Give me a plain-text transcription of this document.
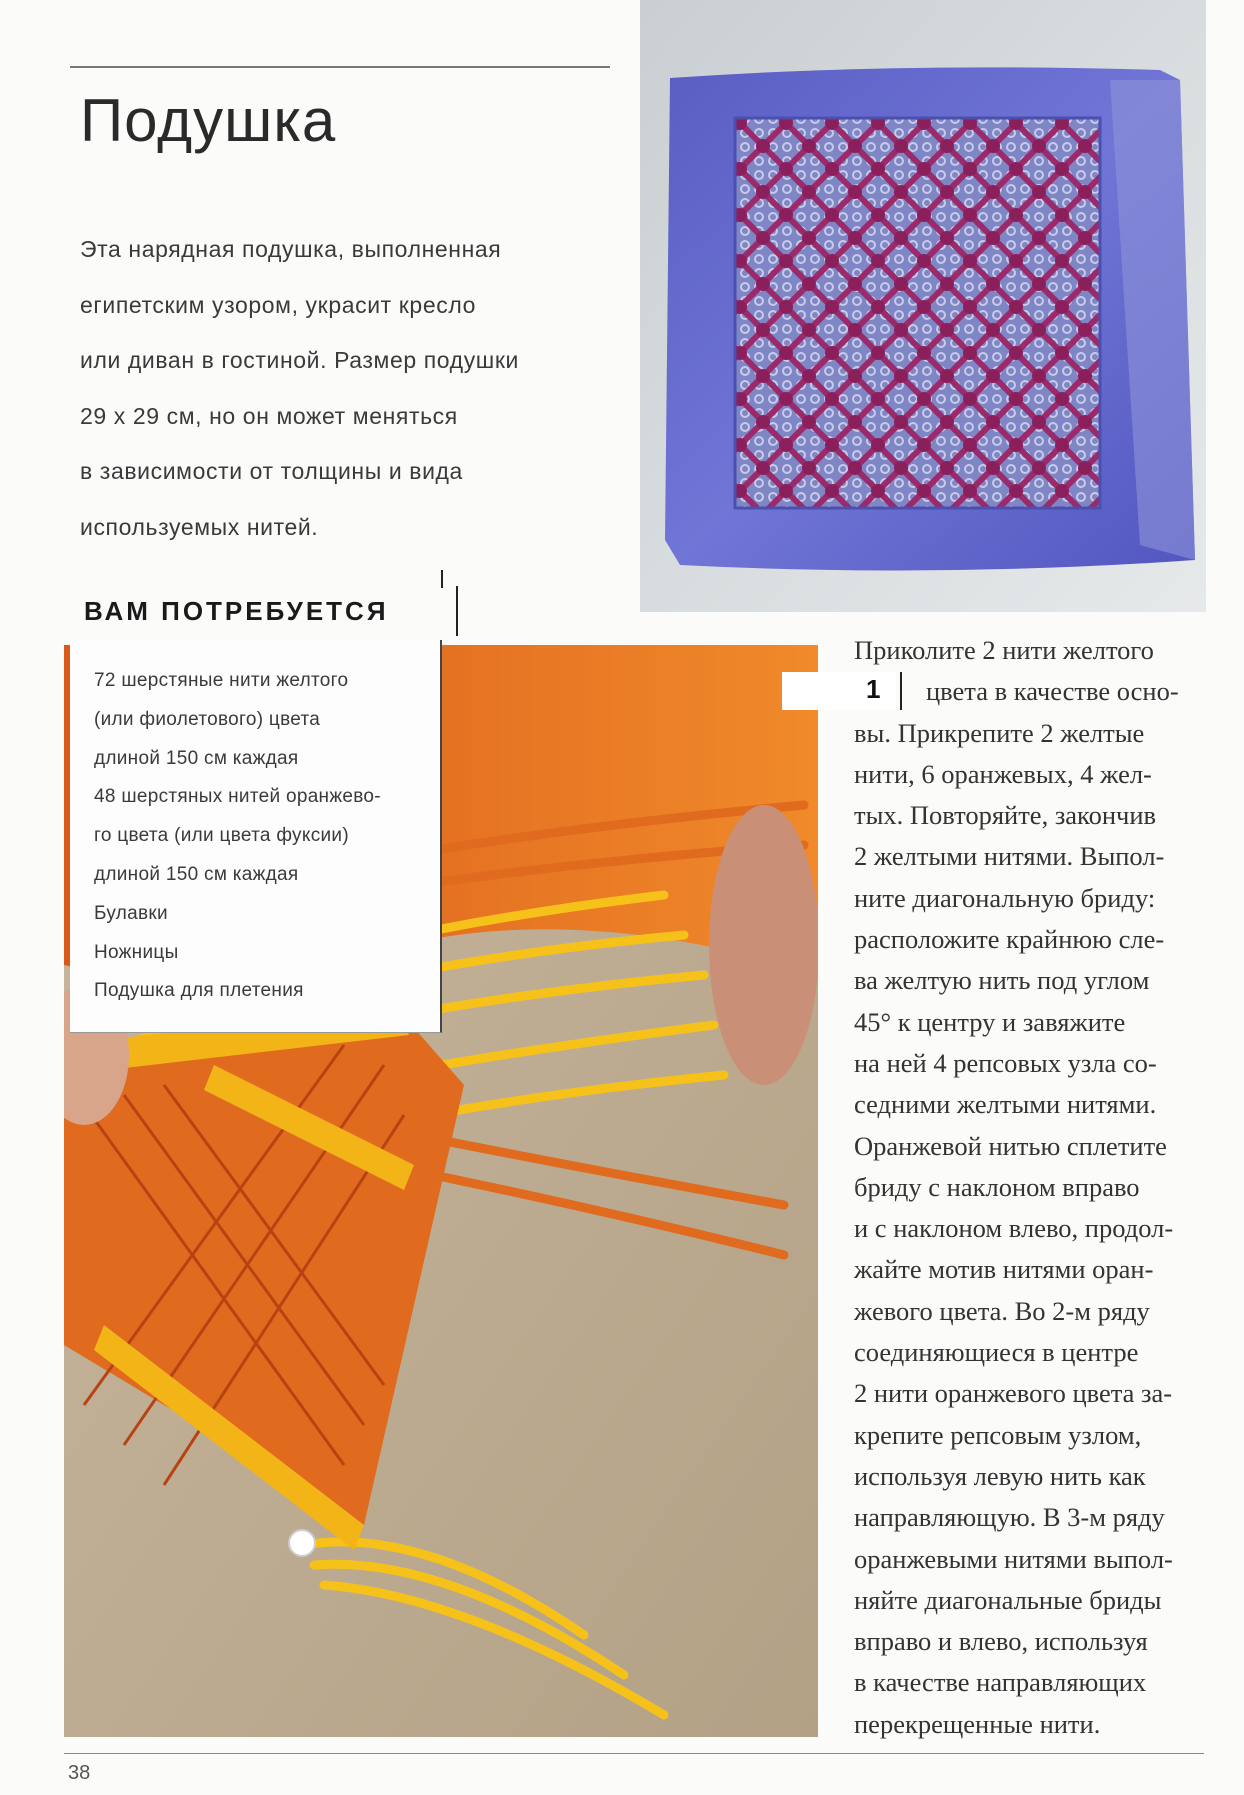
Подушка

Эта нарядная подушка, выполненная

египетским узором, украсит кресло

или диван в гостиной. Размер подушки

29 x 29 см, но он может меняться

в зависимости от толщины и вида

используемых нитей.

72 шерстяные нити желтого
(или фиолетового) цвета
длиной 150 см каждая
48 шерстяных нитей оранжево-
го цвета (или цвета фуксии)
длиной 150 см каждая
Булавки
Ножницы
Подушка для плетения
ВАМ ПОТРЕБУЕТСЯ
1

Приколите 2 нити желтого

цвета в качестве осно-

вы. Прикрепите 2 желтые

нити, 6 оранжевых, 4 жел-

тых. Повторяйте, закончив

2 желтыми нитями. Выпол-

ните диагональную бриду:

расположите крайнюю сле-

ва желтую нить под углом

45° к центру и завяжите

на ней 4 репсовых узла со-

седними желтыми нитями.

Оранжевой нитью сплетите

бриду с наклоном вправо

и с наклоном влево, продол-

жайте мотив нитями оран-

жевого цвета. Во 2-м ряду

соединяющиеся в центре

2 нити оранжевого цвета за-

крепите репсовым узлом,

используя левую нить как

направляющую. В 3-м ряду

оранжевыми нитями выпол-

няйте диагональные бриды

вправо и влево, используя

в качестве направляющих

перекрещенные нити.

38
